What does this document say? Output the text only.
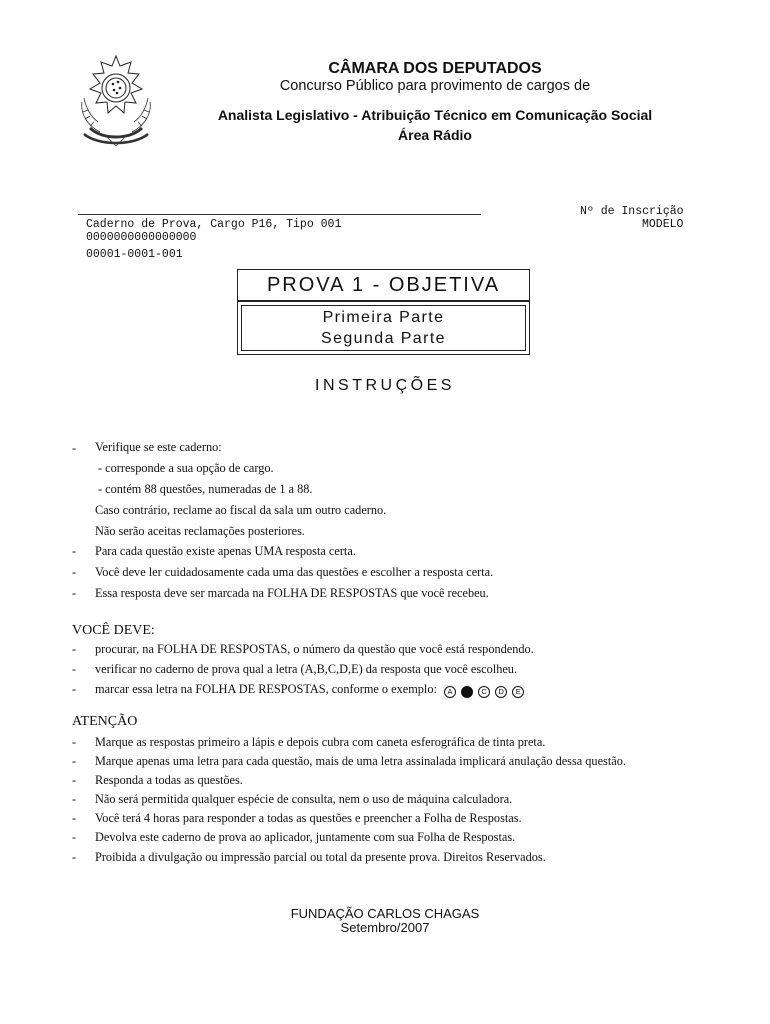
CÂMARA DOS DEPUTADOS
Concurso Público para provimento de cargos de
Analista Legislativo - Atribuição Técnico em Comunicação Social
Área Rádio
Caderno de Prova, Cargo P16, Tipo 001
0000000000000000
00001-0001-001
Nº de Inscrição
MODELO
PROVA 1 - OBJETIVA
Primeira Parte
Segunda Parte
INSTRUÇÕES
- Verifique se este caderno:
- corresponde a sua opção de cargo.
- contém 88 questões, numeradas de 1 a 88.
Caso contrário, reclame ao fiscal da sala um outro caderno.
Não serão aceitas reclamações posteriores.
- Para cada questão existe apenas UMA resposta certa.
- Você deve ler cuidadosamente cada uma das questões e escolher a resposta certa.
- Essa resposta deve ser marcada na FOLHA DE RESPOSTAS que você recebeu.
VOCÊ DEVE:
- procurar, na FOLHA DE RESPOSTAS, o número da questão que você está respondendo.
- verificar no caderno de prova qual a letra (A,B,C,D,E) da resposta que você escolheu.
- marcar essa letra na FOLHA DE RESPOSTAS, conforme o exemplo: A B C D E
ATENÇÃO
- Marque as respostas primeiro a lápis e depois cubra com caneta esferográfica de tinta preta.
- Marque apenas uma letra para cada questão, mais de uma letra assinalada implicará anulação dessa questão.
- Responda a todas as questões.
- Não será permitida qualquer espécie de consulta, nem o uso de máquina calculadora.
- Você terá 4 horas para responder a todas as questões e preencher a Folha de Respostas.
- Devolva este caderno de prova ao aplicador, juntamente com sua Folha de Respostas.
- Proibida a divulgação ou impressão parcial ou total da presente prova. Direitos Reservados.
FUNDAÇÃO CARLOS CHAGAS
Setembro/2007
